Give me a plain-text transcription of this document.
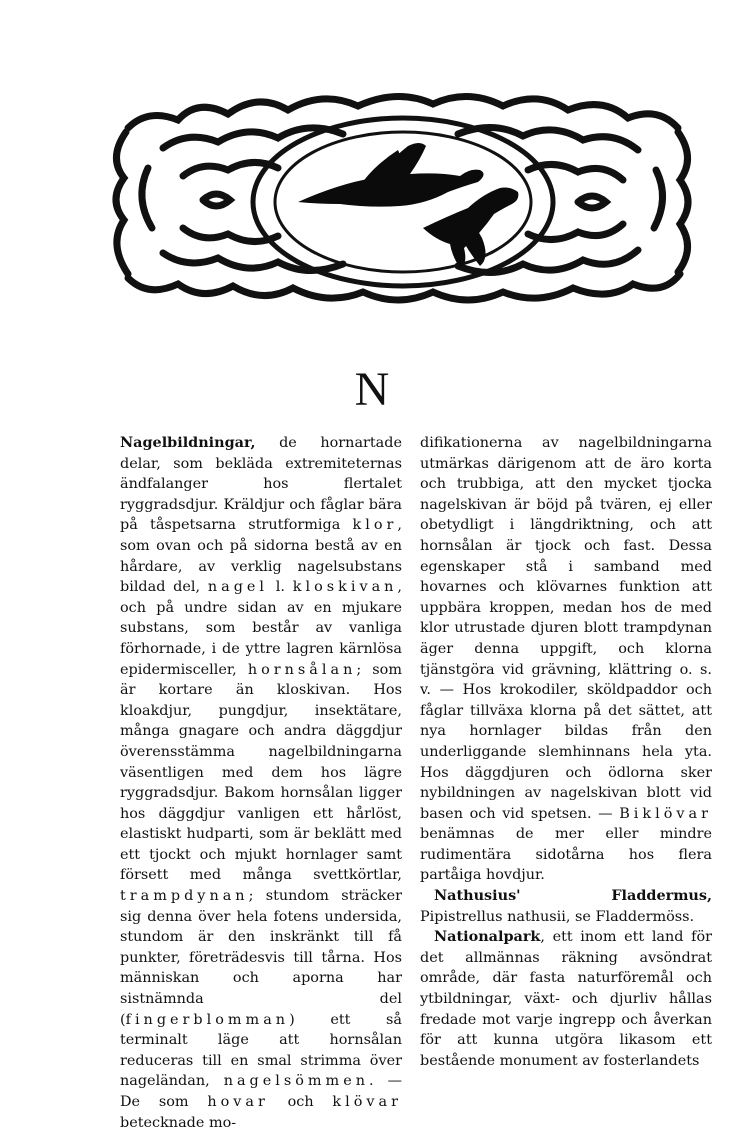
N

Nagelbildningar, de hornartade delar, som bekläda extremiteternas ändfalanger hos flertalet ryggradsdjur. Kräldjur och fåglar bära på tåspetsarna strutformiga klor, som ovan och på sidorna bestå av en hårdare, av verklig nagelsubstans bildad del, nagel l. kloskivan, och på undre sidan av en mjukare substans, som består av vanliga förhornade, i de yttre lagren kärnlösa epidermisceller, hornsålan; som är kortare än kloskivan. Hos kloakdjur, pungdjur, insektätare, många gnagare och andra däggdjur överensstämma nagelbildningarna väsentligen med dem hos lägre ryggradsdjur. Bakom hornsålan ligger hos däggdjur vanligen ett hårlöst, elastiskt hudparti, som är beklätt med ett tjockt och mjukt hornlager samt försett med många svettkörtlar, trampdynan; stundom sträcker sig denna över hela fotens undersida, stundom är den inskränkt till få punkter, företrädesvis till tårna. Hos människan och aporna har sistnämnda del (fingerblomman) ett så terminalt läge att hornsålan reduceras till en smal strimma över nageländan, nagelsömmen. — De som hovar och klövar betecknade mo-

difikationerna av nagelbildningarna utmärkas därigenom att de äro korta och trubbiga, att den mycket tjocka nagelskivan är böjd på tvären, ej eller obetydligt i längdriktning, och att hornsålan är tjock och fast. Dessa egenskaper stå i samband med hovarnes och klövarnes funktion att uppbära kroppen, medan hos de med klor utrustade djuren blott trampdynan äger denna uppgift, och klorna tjänstgöra vid grävning, klättring o. s. v. — Hos krokodiler, sköldpaddor och fåglar tillväxa klorna på det sättet, att nya hornlager bildas från den underliggande slemhinnans hela yta. Hos däggdjuren och ödlorna sker nybildningen av nagelskivan blott vid basen och vid spetsen. — Biklövar benämnas de mer eller mindre rudimentära sidotårna hos flera partåiga hovdjur.

Nathusius' Fladdermus, Pipistrellus nathusii, se Fladdermöss.

Nationalpark, ett inom ett land för det allmännas räkning avsöndrat område, där fasta naturföremål och ytbildningar, växt- och djurliv hållas fredade mot varje ingrepp och åverkan för att kunna utgöra likasom ett bestående monument av fosterlandets
